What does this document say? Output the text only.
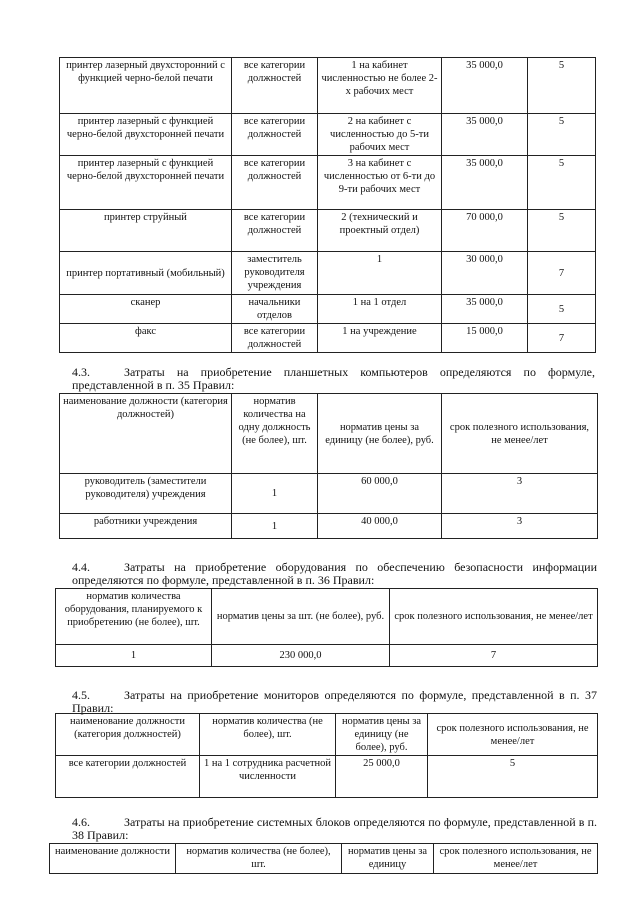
принтер лазерный двухсторонний с функцией черно-белой печати	все категории должностей	1 на кабинет численностью не более 2-х рабочих мест	35 000,0	5
принтер лазерный с функцией черно-белой двухсторонней печати	все категории должностей	2 на кабинет с численностью до 5-ти рабочих мест	35 000,0	5
принтер лазерный с функцией черно-белой двухсторонней печати	все категории должностей	3 на кабинет с численностью от 6-ти до 9-ти рабочих мест	35 000,0	5
принтер струйный	все категории должностей	2 (технический и проектный отдел)	70 000,0	5
принтер портативный (мобильный)	заместитель руководителя учреждения	1	30 000,0	7
сканер	начальники отделов	1 на 1 отдел	35 000,0	5
факс	все категории должностей	1 на учреждение	15 000,0	7
4.3.	Затраты на приобретение планшетных компьютеров определяются по формуле, представленной в п. 35 Правил:
наименование должности (категория должностей)	норматив количества на одну должность (не более), шт.	норматив цены за единицу (не более), руб.	срок полезного использования, не менее/лет
руководитель (заместители руководителя) учреждения	1	60 000,0	3
работники учреждения	1	40 000,0	3
4.4.	Затраты на приобретение оборудования по обеспечению безопасности информации определяются по формуле, представленной в п. 36 Правил:
норматив количества оборудования, планируемого к приобретению (не более), шт.	норматив цены за шт. (не более), руб.	срок полезного использования, не менее/лет
1	230 000,0	7
4.5.	Затраты на приобретение мониторов определяются по формуле, представленной в п. 37 Правил:
наименование должности (категория должностей)	норматив количества (не более), шт.	норматив цены за единицу (не более), руб.	срок полезного использования, не менее/лет
все категории должностей	1 на 1 сотрудника расчетной численности	25 000,0	5
4.6.	Затраты на приобретение системных блоков определяются по формуле, представленной в п. 38 Правил:
наименование должности	норматив количества (не более), шт.	норматив цены за единицу	срок полезного использования, не менее/лет
